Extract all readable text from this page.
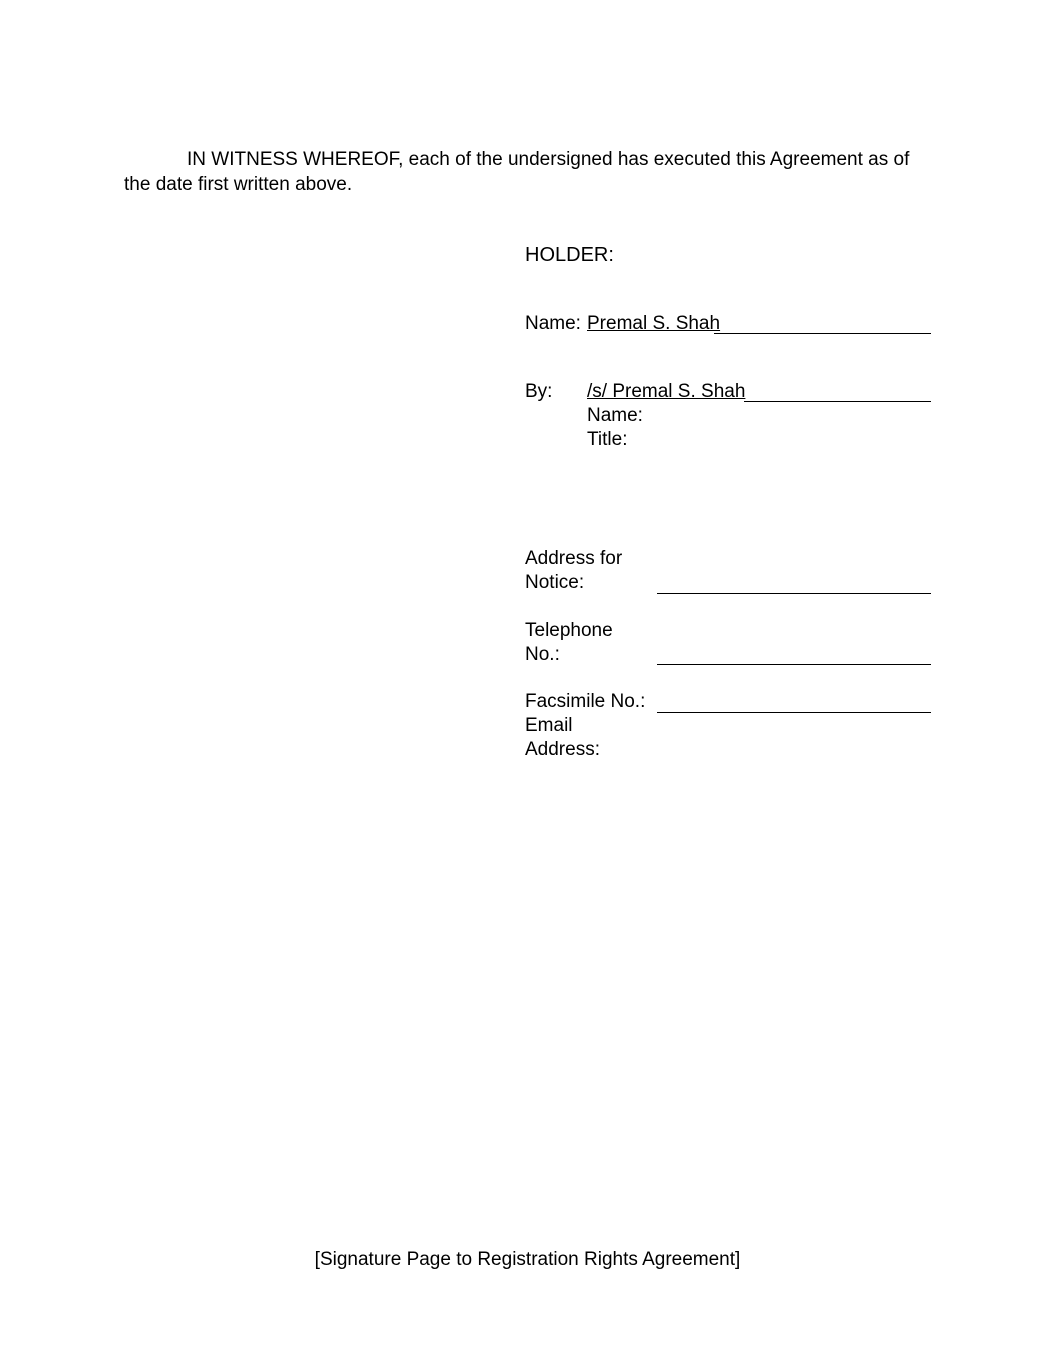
IN WITNESS WHEREOF, each of the undersigned has executed this Agreement as of
the date first written above.
HOLDER:
Name: Premal S. Shah
By: /s/ Premal S. Shah
Name:
Title:
Address for
Notice:
Telephone
No.:
Facsimile No.:
Email
Address:
[Signature Page to Registration Rights Agreement]
